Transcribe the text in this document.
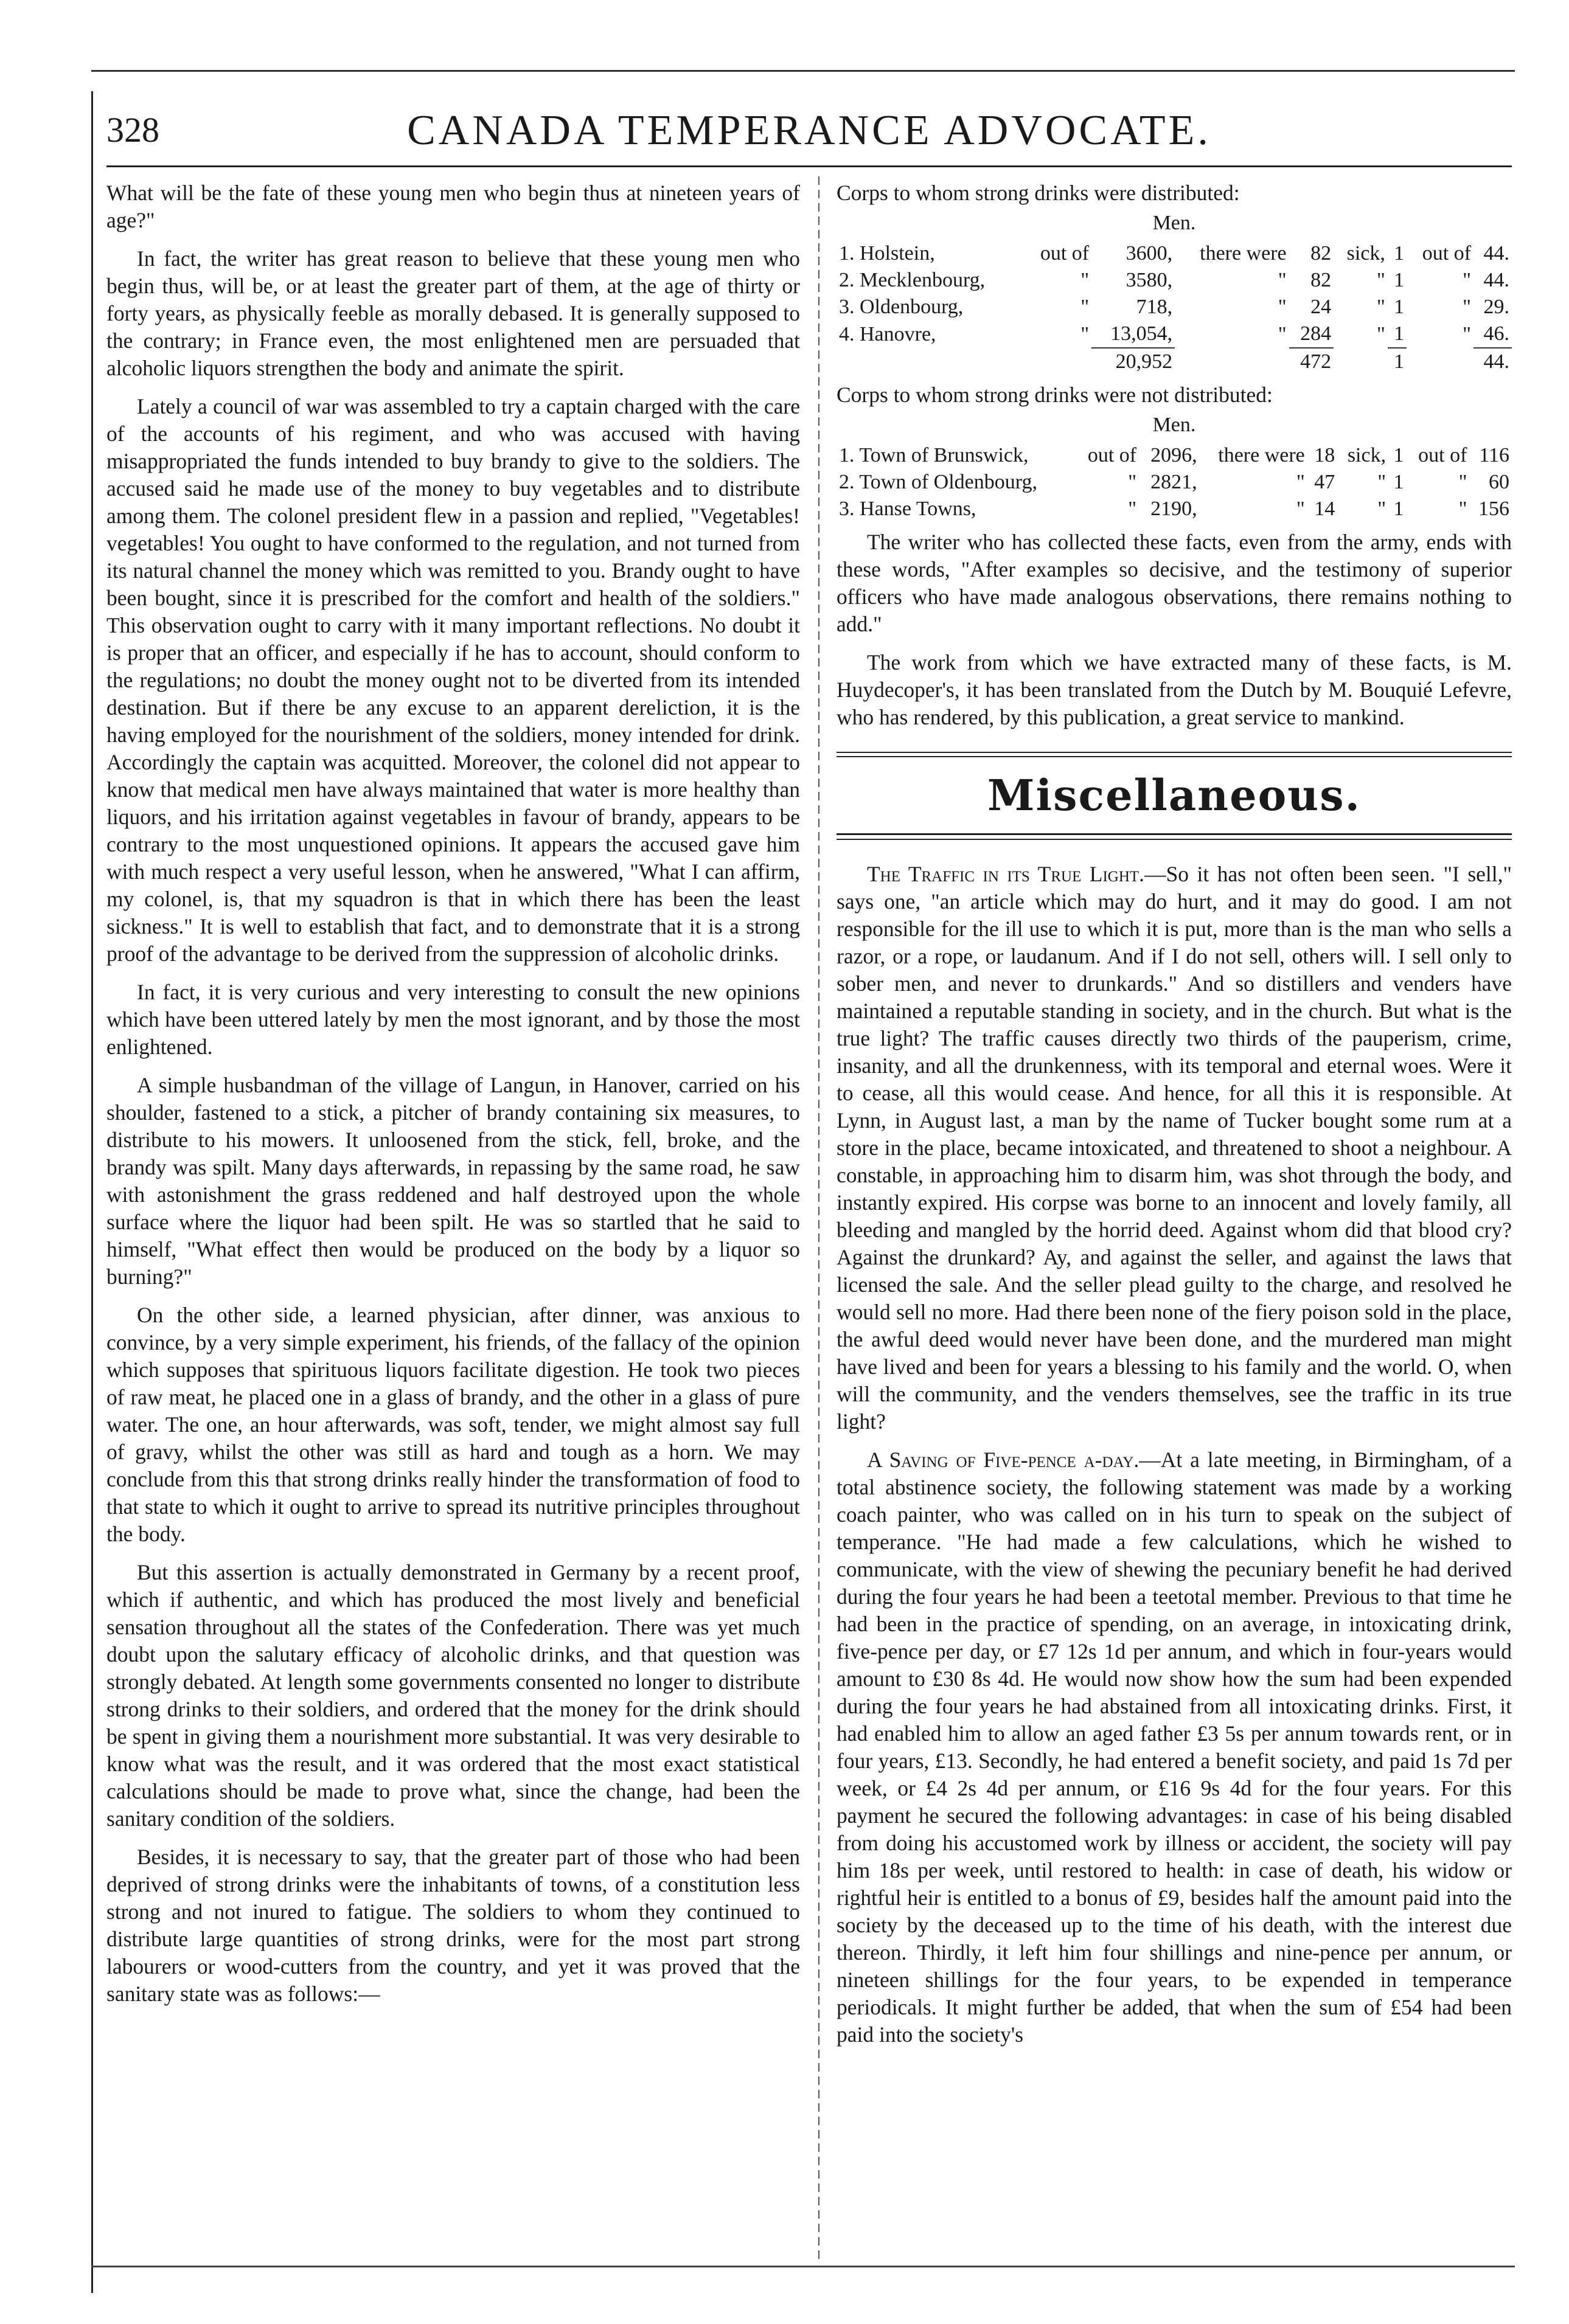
328	CANADA TEMPERANCE ADVOCATE.

What will be the fate of these young men who begin thus at nineteen years of age?"

In fact, the writer has great reason to believe that these young men who begin thus, will be, or at least the greater part of them, at the age of thirty or forty years, as physically feeble as morally debased. It is generally supposed to the contrary; in France even, the most enlightened men are persuaded that alcoholic liquors strengthen the body and animate the spirit.

Lately a council of war was assembled to try a captain charged with the care of the accounts of his regiment, and who was accused with having misappropriated the funds intended to buy brandy to give to the soldiers. The accused said he made use of the money to buy vegetables and to distribute among them. The colonel president flew in a passion and replied, "Vegetables! vegetables! You ought to have conformed to the regulation, and not turned from its natural channel the money which was remitted to you. Brandy ought to have been bought, since it is prescribed for the comfort and health of the soldiers." This observation ought to carry with it many important reflections. No doubt it is proper that an officer, and especially if he has to account, should conform to the regulations; no doubt the money ought not to be diverted from its intended destination. But if there be any excuse to an apparent dereliction, it is the having employed for the nourishment of the soldiers, money intended for drink. Accordingly the captain was acquitted. Moreover, the colonel did not appear to know that medical men have always maintained that water is more healthy than liquors, and his irritation against vegetables in favour of brandy, appears to be contrary to the most unquestioned opinions. It appears the accused gave him with much respect a very useful lesson, when he answered, "What I can affirm, my colonel, is, that my squadron is that in which there has been the least sickness." It is well to establish that fact, and to demonstrate that it is a strong proof of the advantage to be derived from the suppression of alcoholic drinks.

In fact, it is very curious and very interesting to consult the new opinions which have been uttered lately by men the most ignorant, and by those the most enlightened.

A simple husbandman of the village of Langun, in Hanover, carried on his shoulder, fastened to a stick, a pitcher of brandy containing six measures, to distribute to his mowers. It unloosened from the stick, fell, broke, and the brandy was spilt. Many days afterwards, in repassing by the same road, he saw with astonishment the grass reddened and half destroyed upon the whole surface where the liquor had been spilt. He was so startled that he said to himself, "What effect then would be produced on the body by a liquor so burning?"

On the other side, a learned physician, after dinner, was anxious to convince, by a very simple experiment, his friends, of the fallacy of the opinion which supposes that spirituous liquors facilitate digestion. He took two pieces of raw meat, he placed one in a glass of brandy, and the other in a glass of pure water. The one, an hour afterwards, was soft, tender, we might almost say full of gravy, whilst the other was still as hard and tough as a horn. We may conclude from this that strong drinks really hinder the transformation of food to that state to which it ought to arrive to spread its nutritive principles throughout the body.

But this assertion is actually demonstrated in Germany by a recent proof, which if authentic, and which has produced the most lively and beneficial sensation throughout all the states of the Confederation. There was yet much doubt upon the salutary efficacy of alcoholic drinks, and that question was strongly debated. At length some governments consented no longer to distribute strong drinks to their soldiers, and ordered that the money for the drink should be spent in giving them a nourishment more substantial. It was very desirable to know what was the result, and it was ordered that the most exact statistical calculations should be made to prove what, since the change, had been the sanitary condition of the soldiers.

Besides, it is necessary to say, that the greater part of those who had been deprived of strong drinks were the inhabitants of towns, of a constitution less strong and not inured to fatigue. The soldiers to whom they continued to distribute large quantities of strong drinks, were for the most part strong labourers or wood-cutters from the country, and yet it was proved that the sanitary state was as follows:—

Corps to whom strong drinks were distributed:
Men.
1. Holstein,	out of	3600,	there were	82	sick,	1	out of	44.
2. Mecklenbourg,	"	3580,	"	82	"	1	"	44.
3. Oldenbourg,	"	718,	"	24	"	1	"	29.
4. Hanovre,	"	13,054,	"	284	"	1	"	46.
		20,952		472		1		44.
Corps to whom strong drinks were not distributed:
Men.
1. Town of Brunswick,	out of	2096,	there were	18	sick,	1	out of	116
2. Town of Oldenbourg,	"	2821,	"	47	"	1	"	60
3. Hanse Towns,	"	2190,	"	14	"	1	"	156

The writer who has collected these facts, even from the army, ends with these words, "After examples so decisive, and the testimony of superior officers who have made analogous observations, there remains nothing to add."

The work from which we have extracted many of these facts, is M. Huydecoper's, it has been translated from the Dutch by M. Bouquié Lefevre, who has rendered, by this publication, a great service to mankind.

Miscellaneous.

The Traffic in its True Light.—So it has not often been seen. "I sell," says one, "an article which may do hurt, and it may do good. I am not responsible for the ill use to which it is put, more than is the man who sells a razor, or a rope, or laudanum. And if I do not sell, others will. I sell only to sober men, and never to drunkards." And so distillers and venders have maintained a reputable standing in society, and in the church. But what is the true light? The traffic causes directly two thirds of the pauperism, crime, insanity, and all the drunkenness, with its temporal and eternal woes. Were it to cease, all this would cease. And hence, for all this it is responsible. At Lynn, in August last, a man by the name of Tucker bought some rum at a store in the place, became intoxicated, and threatened to shoot a neighbour. A constable, in approaching him to disarm him, was shot through the body, and instantly expired. His corpse was borne to an innocent and lovely family, all bleeding and mangled by the horrid deed. Against whom did that blood cry? Against the drunkard? Ay, and against the seller, and against the laws that licensed the sale. And the seller plead guilty to the charge, and resolved he would sell no more. Had there been none of the fiery poison sold in the place, the awful deed would never have been done, and the murdered man might have lived and been for years a blessing to his family and the world. O, when will the community, and the venders themselves, see the traffic in its true light?

A Saving of Five-pence a-day.—At a late meeting, in Birmingham, of a total abstinence society, the following statement was made by a working coach painter, who was called on in his turn to speak on the subject of temperance. "He had made a few calculations, which he wished to communicate, with the view of shewing the pecuniary benefit he had derived during the four years he had been a teetotal member. Previous to that time he had been in the practice of spending, on an average, in intoxicating drink, five-pence per day, or £7 12s 1d per annum, and which in four-years would amount to £30 8s 4d. He would now show how the sum had been expended during the four years he had abstained from all intoxicating drinks. First, it had enabled him to allow an aged father £3 5s per annum towards rent, or in four years, £13. Secondly, he had entered a benefit society, and paid 1s 7d per week, or £4 2s 4d per annum, or £16 9s 4d for the four years. For this payment he secured the following advantages: in case of his being disabled from doing his accustomed work by illness or accident, the society will pay him 18s per week, until restored to health: in case of death, his widow or rightful heir is entitled to a bonus of £9, besides half the amount paid into the society by the deceased up to the time of his death, with the interest due thereon. Thirdly, it left him four shillings and nine-pence per annum, or nineteen shillings for the four years, to be expended in temperance periodicals. It might further be added, that when the sum of £54 had been paid into the society's
